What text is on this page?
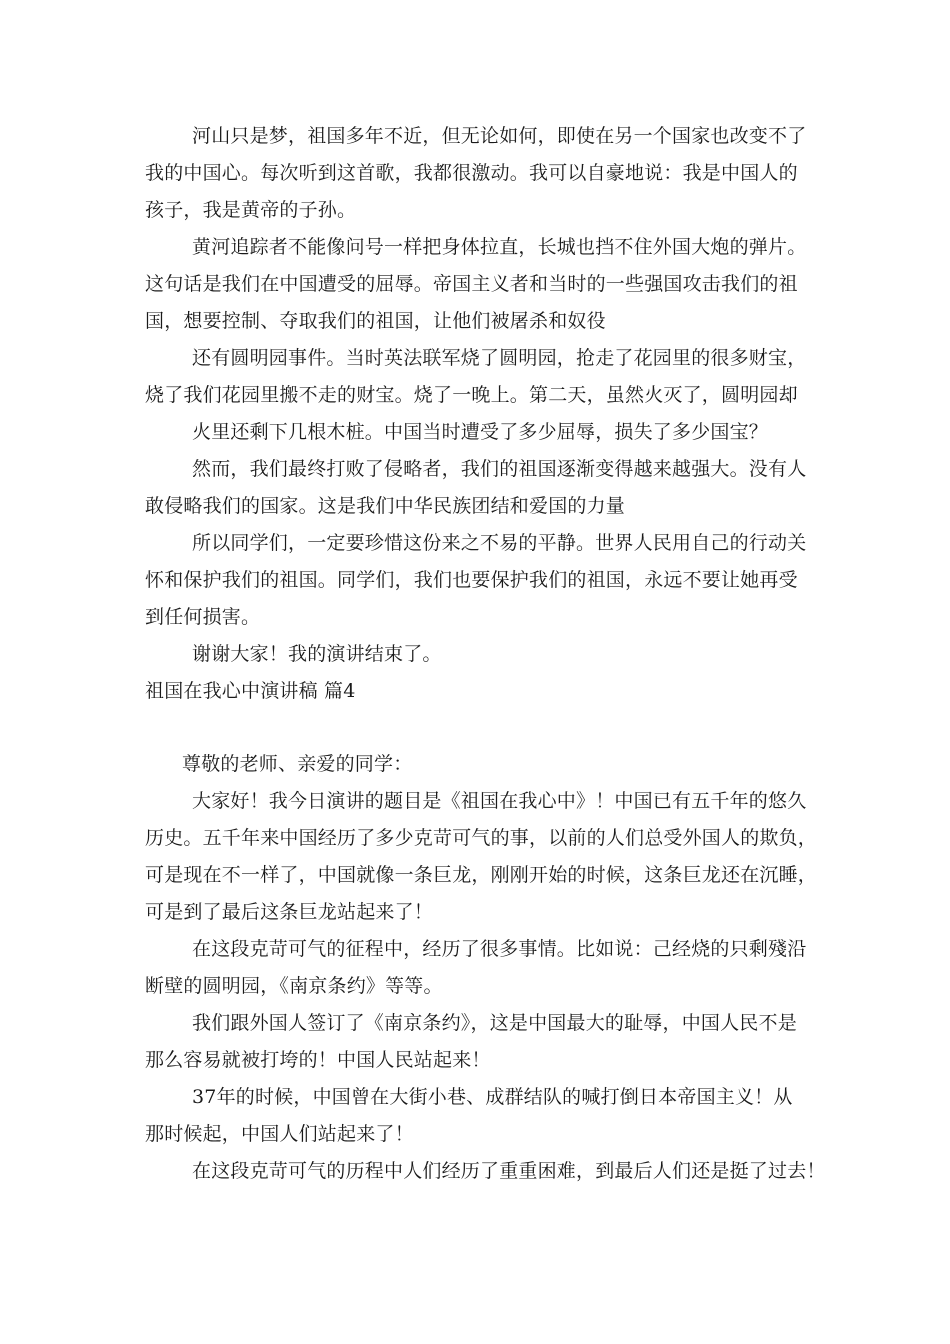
河山只是梦，祖国多年不近，但无论如何，即使在另一个国家也改变不了
我的中国心。每次听到这首歌，我都很激动。我可以自豪地说：我是中国人的
孩子，我是黄帝的子孙。
黄河追踪者不能像问号一样把身体拉直，长城也挡不住外国大炮的弹片。
这句话是我们在中国遭受的屈辱。帝国主义者和当时的一些强国攻击我们的祖
国，想要控制、夺取我们的祖国，让他们被屠杀和奴役
还有圆明园事件。当时英法联军烧了圆明园，抢走了花园里的很多财宝，
烧了我们花园里搬不走的财宝。烧了一晚上。第二天，虽然火灭了，圆明园却
火里还剩下几根木桩。中国当时遭受了多少屈辱，损失了多少国宝？
然而，我们最终打败了侵略者，我们的祖国逐渐变得越来越强大。没有人
敢侵略我们的国家。这是我们中华民族团结和爱国的力量
所以同学们，一定要珍惜这份来之不易的平静。世界人民用自己的行动关
怀和保护我们的祖国。同学们，我们也要保护我们的祖国，永远不要让她再受
到任何损害。
谢谢大家！我的演讲结束了。
祖国在我心中演讲稿 篇4
尊敬的老师、亲爱的同学：
大家好！我今日演讲的题目是《祖国在我心中》！中国已有五千年的悠久
历史。五千年来中国经历了多少克苛可气的事，以前的人们总受外国人的欺负，
可是现在不一样了，中国就像一条巨龙，刚刚开始的时候，这条巨龙还在沉睡，
可是到了最后这条巨龙站起来了！
在这段克苛可气的征程中，经历了很多事情。比如说：己经烧的只剩殘沿
断壁的圆明园，《南京条约》等等。
我们跟外国人签订了《南京条约》，这是中国最大的耻辱，中国人民不是
那么容易就被打垮的！中国人民站起来！
37年的时候，中国曾在大街小巷、成群结队的喊打倒日本帝国主义！从
那时候起，中国人们站起来了！
在这段克苛可气的历程中人们经历了重重困难，到最后人们还是挺了过去！
